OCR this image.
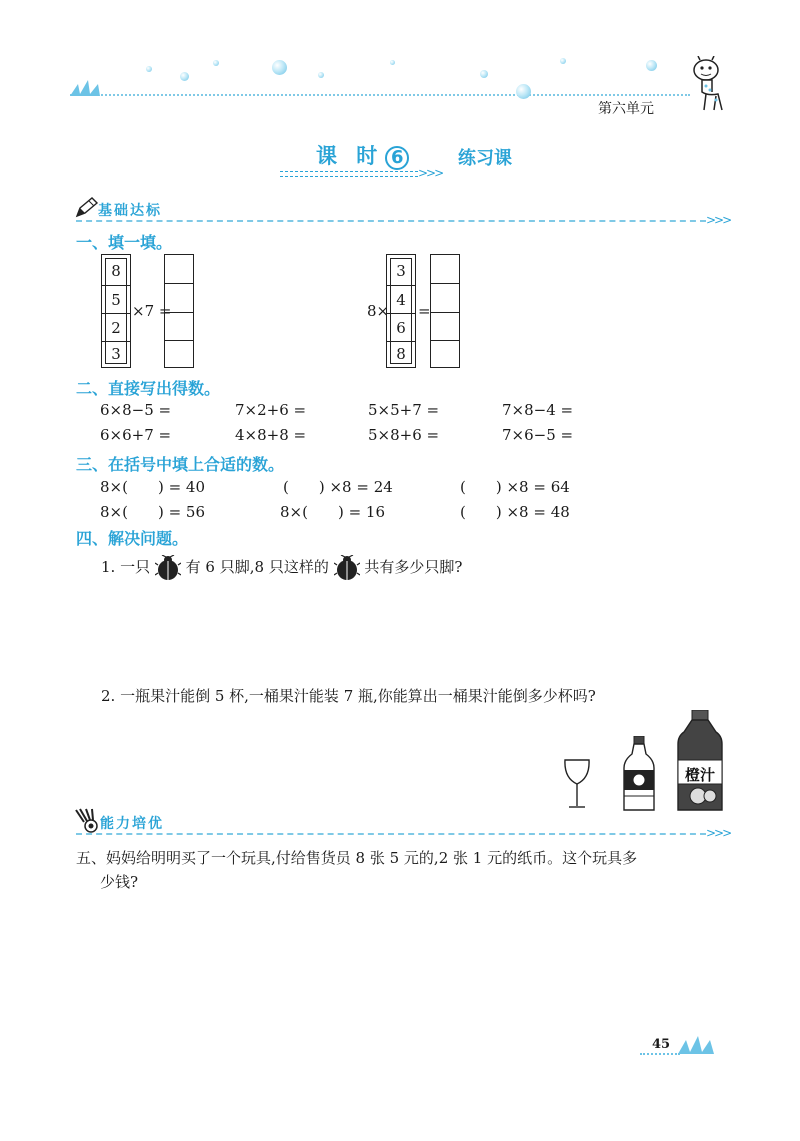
第六单元
课 时 6	练习课
>>>
基础达标
>>>
一、填一填。
8
5
2
3
×7 =	8×
3
4
6
8
=
二、直接写出得数。
6×8−5 =	7×2+6 =	5×5+7 =	7×8−4 =
6×6+7 =	4×8+8 =	5×8+6 =	7×6−5 =
三、在括号中填上合适的数。
8×(　　) = 40	(　　) ×8 = 24	(　　) ×8 = 64
8×(　　) = 56	8×(　　) = 16	(　　) ×8 = 48
四、解决问题。
1. 一只 有 6 只脚,8 只这样的 共有多少只脚?
2. 一瓶果汁能倒 5 杯,一桶果汁能装 7 瓶,你能算出一桶果汁能倒多少杯吗?
橙汁
能力培优
>>>
五、妈妈给明明买了一个玩具,付给售货员 8 张 5 元的,2 张 1 元的纸币。这个玩具多
少钱?
45
